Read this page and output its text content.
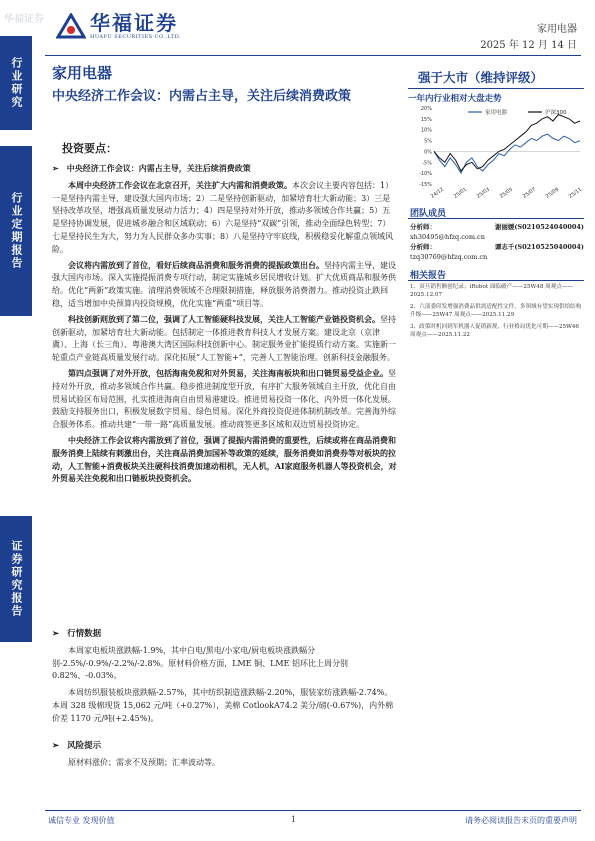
华福证券 华福证券
HUAFU SECURITIES CO.,LTD.
家用电器
2025 年 12 月 14 日
行业研究
行业定期报告
证券研究报告
家用电器
中央经济工作会议：内需占主导，关注后续消费政策
投资要点：
➢ 中央经济工作会议：内需占主导，关注后续消费政策

本周中央经济工作会议在北京召开，关注扩大内需和消费政策。本次会议主要内容包括：1）一是坚持内需主导，建设强大国内市场；2）二是坚持创新驱动，加紧培育壮大新动能；3）三是坚持改革攻坚，增强高质量发展动力活力；4）四是坚持对外开放，推动多领域合作共赢；5）五是坚持协调发展，促进城乡融合和区域联动；6）六是坚持“双碳”引领，推动全面绿色转型；7）七是坚持民生为大，努力为人民群众多办实事；8）八是坚持守牢底线，积极稳妥化解重点领域风险。

会议将内需放到了首位，看好后续商品消费和服务消费的提振政策出台。坚持内需主导，建设强大国内市场。深入实施提振消费专项行动，制定实施城乡居民增收计划。扩大优质商品和服务供给。优化“两新”政策实施。清理消费领域不合理限制措施，释放服务消费潜力。推动投资止跌回稳，适当增加中央预算内投资规模，优化实施“两重”项目等。

科技创新则放到了第二位，强调了人工智能硬科技发展，关注人工智能产业链投资机会。坚持创新驱动，加紧培育壮大新动能。包括制定一体推进教育科技人才发展方案。建设北京（京津冀）、上海（长三角）、粤港澳大湾区国际科技创新中心。制定服务业扩能提质行动方案。实施新一轮重点产业链高质量发展行动。深化拓展“人工智能+”，完善人工智能治理。创新科技金融服务。

第四点强调了对外开放，包括海南免税和对外贸易，关注海南板块和出口链贸易受益企业。坚持对外开放，推动多领域合作共赢。稳步推进制度型开放，有序扩大服务领域自主开放，优化自由贸易试验区布局范围，扎实推进海南自由贸易港建设。推进贸易投资一体化、内外贸一体化发展。鼓励支持服务出口，积极发展数字贸易、绿色贸易。深化外商投资促进体制机制改革。完善海外综合服务体系。推动共建“一带一路”高质量发展。推动商签更多区域和双边贸易投资协定。

中央经济工作会议将内需放到了首位，强调了提振内需消费的重要性，后续或将在商品消费和服务消费上陆续有刺激出台，关注商品消费加国补等政策的延续，服务消费如消费券等对板块的拉动，人工智能+消费板块关注硬科技消费加速动相机，无人机，AI家庭服务机器人等投资机会，对外贸易关注免税和出口链板块投资机会。

➢ 行情数据

本周家电板块涨跌幅-1.9%，其中白电/黑电/小家电/厨电板块涨跌幅分别-2.5%/-0.9%/-2.2%/-2.8%。原材料价格方面，LME 铜、LME 铝环比上周分别 0.82%、-0.03%。

本周纺织服装板块涨跌幅-2.57%，其中纺织制造涨跌幅-2.20%，服装家纺涨跌幅-2.74%。本周 328 级棉现货 15,062 元/吨（+0.27%），美棉 CotlookA74.2 美分/磅(-0.67%)，内外棉价差 1170 元/吨(+2.45%)。

➢ 风险提示

原材料涨价；需求不及预期；汇率波动等。

强于大市（维持评级）
一年内行业相对大盘走势
20%
15%
10%
5%
0%
-5%
-10%
-15%
24/12 25/01 25/03 25/05 25/07 25/09 25/11
家用电器	沪深300
团队成员
分析师：	谢丽媛(S0210524040004)
xh30495@hfzq.com.cn
分析师：	谭志千(S0210525040004)
tzq30769@hfzq.com.cn
相关报告
1、双旦销售额创纪录；iRobot 面临破产——25W48 周观点——2025.12.07
2、六部委印发增强消费品供需适配性文件，多领域有望实现供给结构升级——25W47 周观点——2025.11.29
3、政策时机回到军机器人促销新规，行业格局优化可期——25W46 周观点——2025.11.22
诚信专业 发现价值	1	请务必阅读报告末页的重要声明
